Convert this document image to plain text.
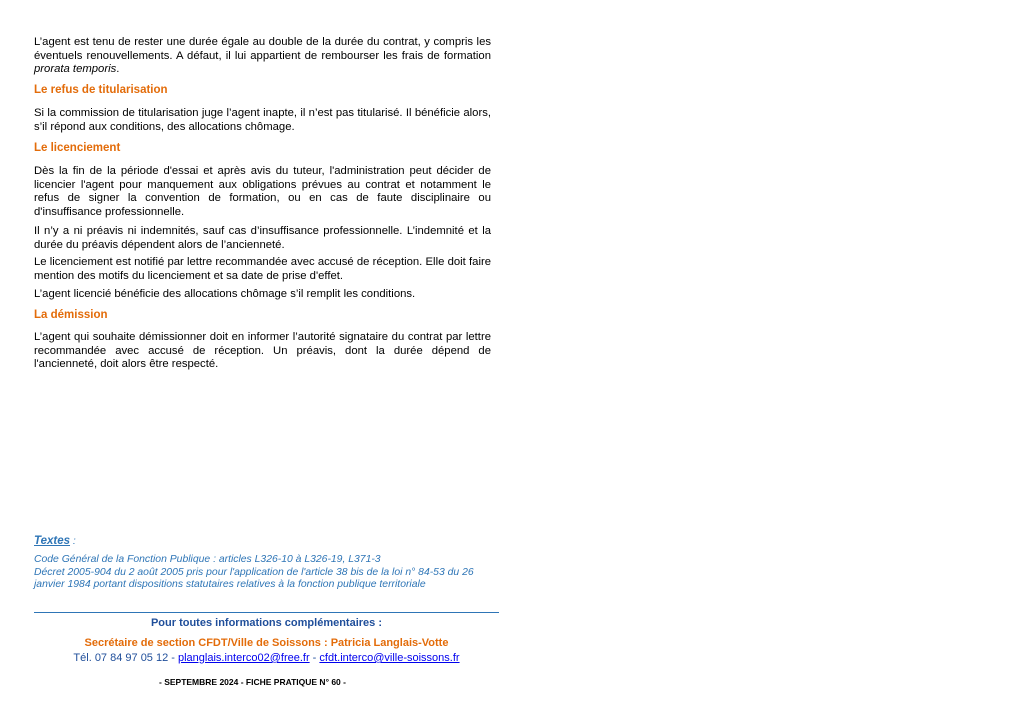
L’agent est tenu de rester une durée égale au double de la durée du contrat, y compris les éventuels renouvellements. A défaut, il lui appartient de rembourser les frais de formation prorata temporis.

Le refus de titularisation

Si la commission de titularisation juge l’agent inapte, il n’est pas titularisé. Il bénéficie alors, s’il répond aux conditions, des allocations chômage.

Le licenciement

Dès la fin de la période d'essai et après avis du tuteur, l'administration peut décider de licencier l'agent pour manquement aux obligations prévues au contrat et notamment le refus de signer la convention de formation, ou en cas de faute disciplinaire ou d'insuffisance professionnelle.

Il n’y a ni préavis ni indemnités, sauf cas d’insuffisance professionnelle. L’indemnité et la durée du préavis dépendent alors de l’ancienneté.

Le licenciement est notifié par lettre recommandée avec accusé de réception. Elle doit faire mention des motifs du licenciement et sa date de prise d'effet.

L’agent licencié bénéficie des allocations chômage s’il remplit les conditions.

La démission

L’agent qui souhaite démissionner doit en informer l’autorité signataire du contrat par lettre recommandée avec accusé de réception. Un préavis, dont la durée dépend de l'ancienneté, doit alors être respecté.

Textes :
Code Général de la Fonction Publique : articles L326-10 à L326-19, L371-3
Décret 2005-904 du 2 août 2005 pris pour l'application de l'article 38 bis de la loi n° 84-53 du 26 janvier 1984 portant dispositions statutaires relatives à la fonction publique territoriale
Pour toutes informations complémentaires :
Secrétaire de section CFDT/Ville de Soissons : Patricia Langlais-Votte
Tél. 07 84 97 05 12 - planglais.interco02@free.fr - cfdt.interco@ville-soissons.fr
- SEPTEMBRE 2024 - FICHE PRATIQUE N° 60 -
